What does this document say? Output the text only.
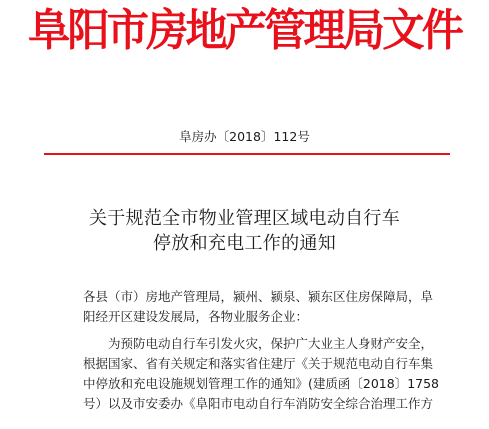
阜阳市房地产管理局文件
阜房办〔2018〕112号
关于规范全市物业管理区域电动自行车
停放和充电工作的通知
各县（市）房地产管理局，颍州、颍泉、颍东区住房保障局，阜
阳经开区建设发展局，各物业服务企业：
为预防电动自行车引发火灾，保护广大业主人身财产安全，
根据国家、省有关规定和落实省住建厅《关于规范电动自行车集
中停放和充电设施规划管理工作的通知》(建质函〔2018〕1758
号）以及市安委办《阜阳市电动自行车消防安全综合治理工作方
